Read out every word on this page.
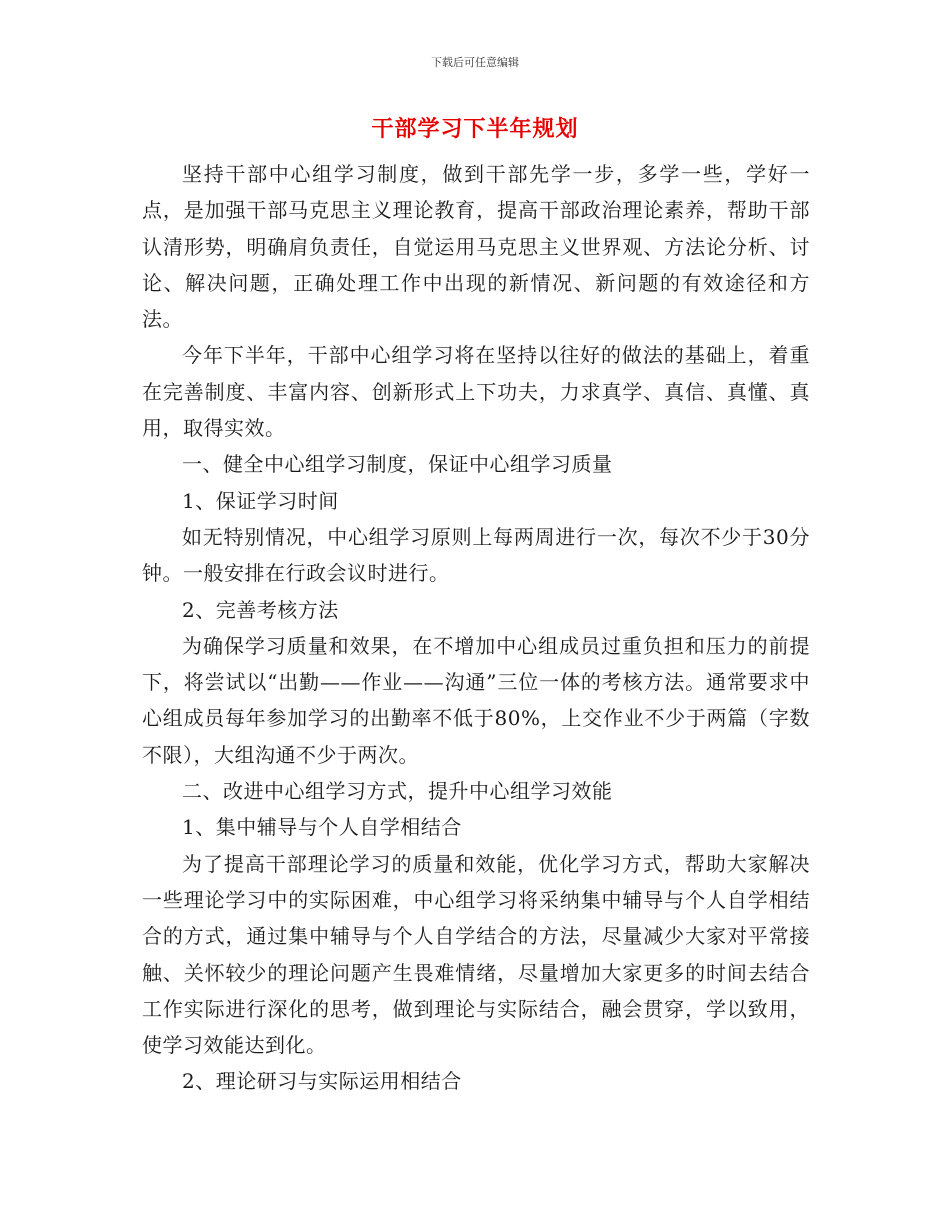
下载后可任意编辑
干部学习下半年规划

坚持干部中心组学习制度，做到干部先学一步，多学一些，学好一点，是加强干部马克思主义理论教育，提高干部政治理论素养，帮助干部认清形势，明确肩负责任，自觉运用马克思主义世界观、方法论分析、讨论、解决问题，正确处理工作中出现的新情况、新问题的有效途径和方法。

今年下半年，干部中心组学习将在坚持以往好的做法的基础上，着重在完善制度、丰富内容、创新形式上下功夫，力求真学、真信、真懂、真用，取得实效。

一、健全中心组学习制度，保证中心组学习质量

1、保证学习时间

如无特别情况，中心组学习原则上每两周进行一次，每次不少于30分钟。一般安排在行政会议时进行。

2、完善考核方法

为确保学习质量和效果，在不增加中心组成员过重负担和压力的前提下，将尝试以“出勤——作业——沟通”三位一体的考核方法。通常要求中心组成员每年参加学习的出勤率不低于80%，上交作业不少于两篇（字数不限），大组沟通不少于两次。

二、改进中心组学习方式，提升中心组学习效能

1、集中辅导与个人自学相结合

为了提高干部理论学习的质量和效能，优化学习方式，帮助大家解决一些理论学习中的实际困难，中心组学习将采纳集中辅导与个人自学相结合的方式，通过集中辅导与个人自学结合的方法，尽量减少大家对平常接触、关怀较少的理论问题产生畏难情绪，尽量增加大家更多的时间去结合工作实际进行深化的思考，做到理论与实际结合，融会贯穿，学以致用，使学习效能达到化。

2、理论研习与实际运用相结合
